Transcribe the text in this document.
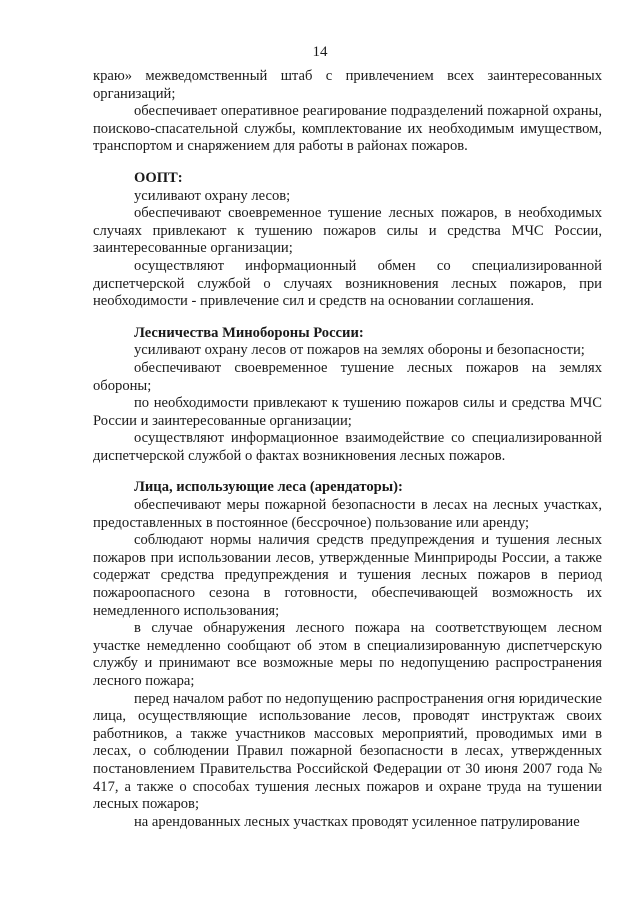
14

краю» межведомственный штаб с привлечением всех заинтересованных организаций;

обеспечивает оперативное реагирование подразделений пожарной охраны, поисково-спасательной службы, комплектование их необходимым имуществом, транспортом и снаряжением для работы в районах пожаров.

ООПТ:

усиливают охрану лесов;

обеспечивают своевременное тушение лесных пожаров, в необходимых случаях привлекают к тушению пожаров силы и средства МЧС России, заинтересованные организации;

осуществляют информационный обмен со специализированной диспетчерской службой о случаях возникновения лесных пожаров, при необходимости - привлечение сил и средств на основании соглашения.

Лесничества Минобороны России:

усиливают охрану лесов от пожаров на землях обороны и безопасности;

обеспечивают своевременное тушение лесных пожаров на землях обороны;

по необходимости привлекают к тушению пожаров силы и средства МЧС России и заинтересованные организации;

осуществляют информационное взаимодействие со специализированной диспетчерской службой о фактах возникновения лесных пожаров.

Лица, использующие леса (арендаторы):

обеспечивают меры пожарной безопасности в лесах на лесных участках, предоставленных в постоянное (бессрочное) пользование или аренду;

соблюдают нормы наличия средств предупреждения и тушения лесных пожаров при использовании лесов, утвержденные Минприроды России, а также содержат средства предупреждения и тушения лесных пожаров в период пожароопасного сезона в готовности, обеспечивающей возможность их немедленного использования;

в случае обнаружения лесного пожара на соответствующем лесном участке немедленно сообщают об этом в специализированную диспетчерскую службу и принимают все возможные меры по недопущению распространения лесного пожара;

перед началом работ по недопущению распространения огня юридические лица, осуществляющие использование лесов, проводят инструктаж своих работников, а также участников массовых мероприятий, проводимых ими в лесах, о соблюдении Правил пожарной безопасности в лесах, утвержденных постановлением Правительства Российской Федерации от 30 июня 2007 года № 417, а также о способах тушения лесных пожаров и охране труда на тушении лесных пожаров;

на арендованных лесных участках проводят усиленное патрулирование
